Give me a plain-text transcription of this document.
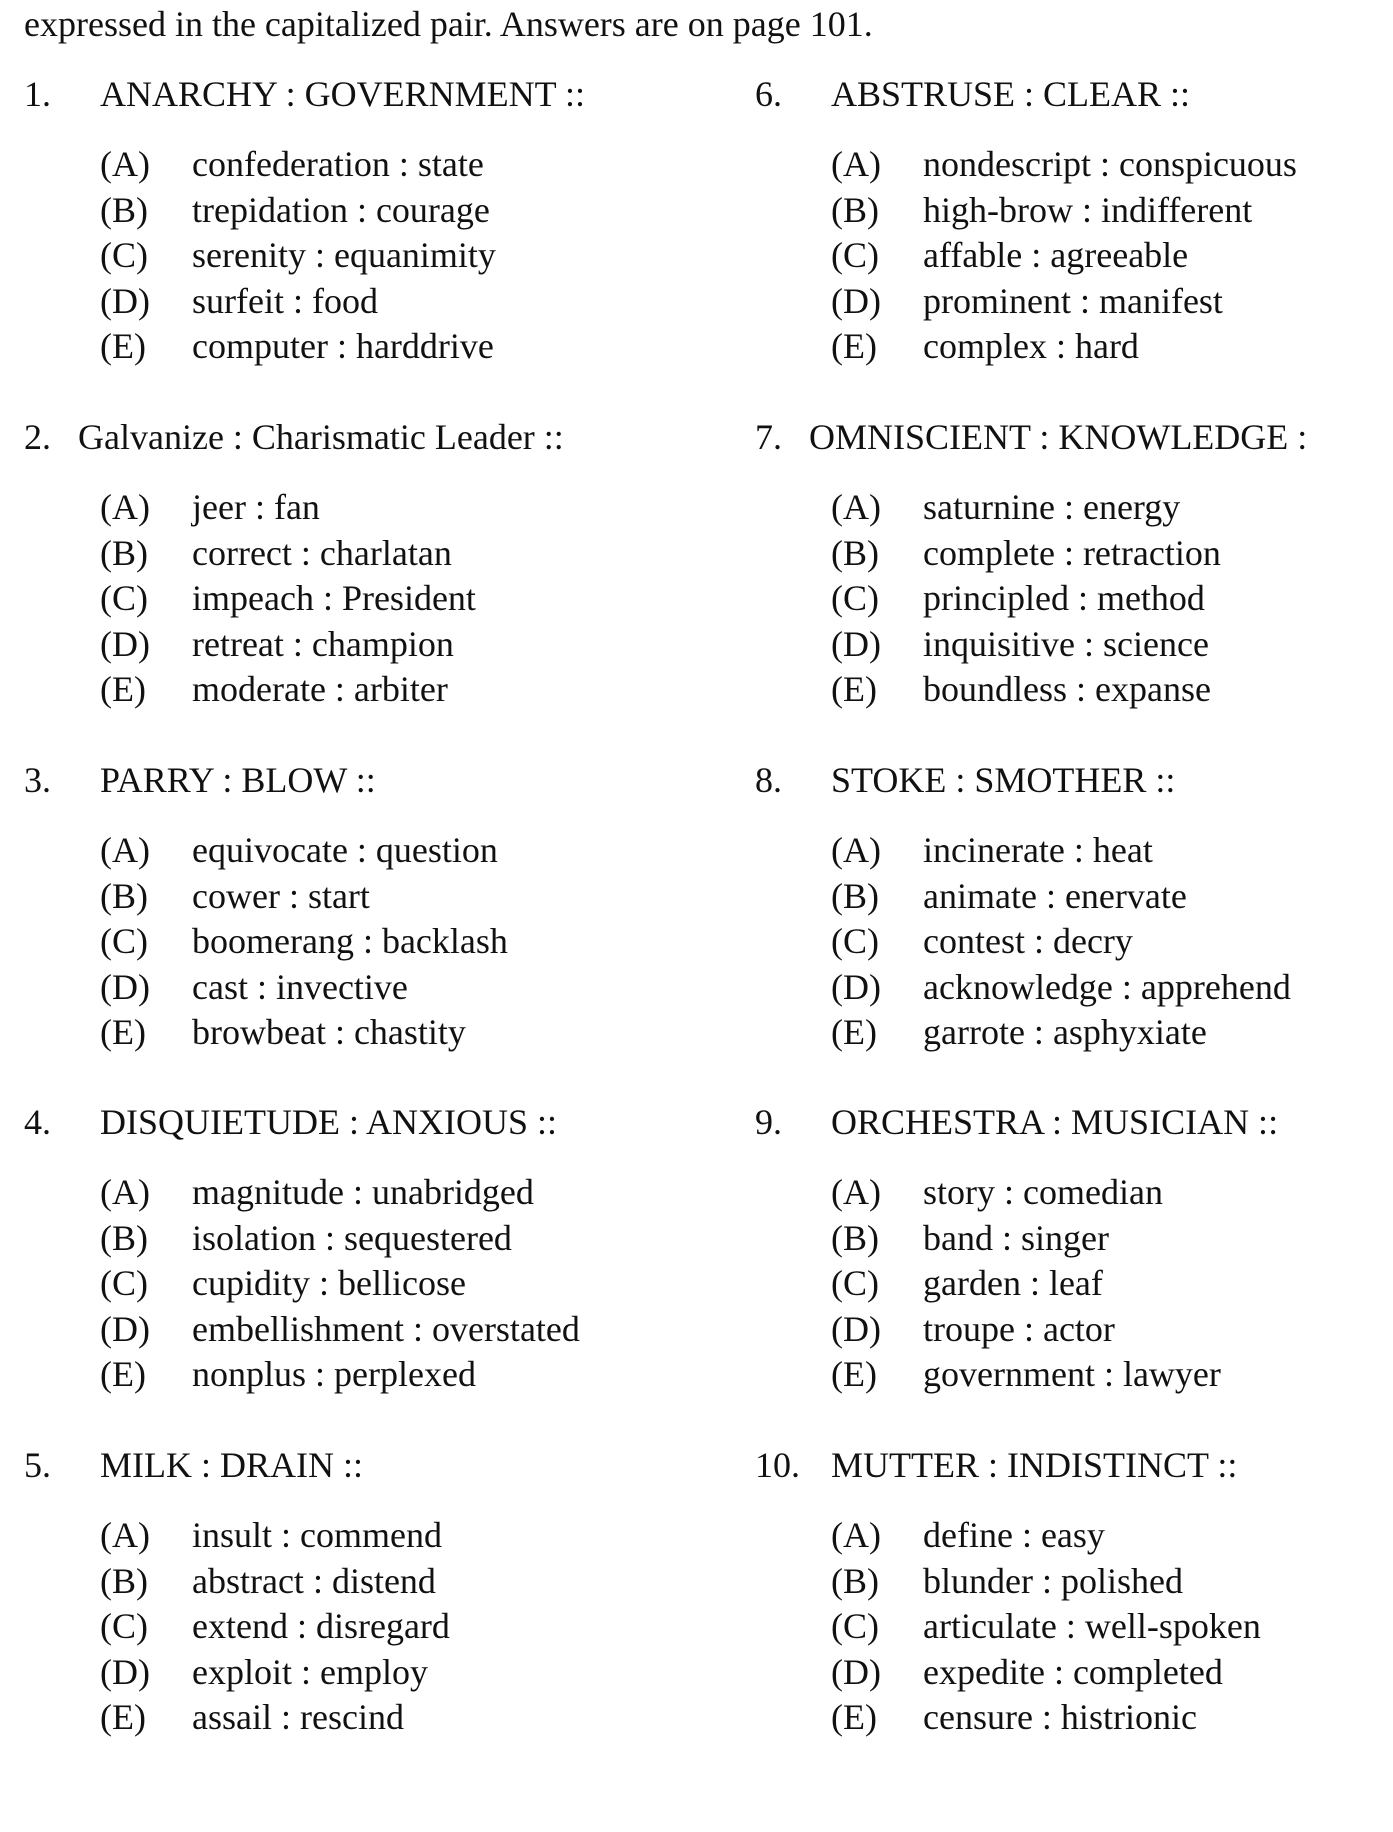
expressed in the capitalized pair. Answers are on page 101.
1. ANARCHY : GOVERNMENT ::
(A) confederation : state
(B) trepidation : courage
(C) serenity : equanimity
(D) surfeit : food
(E) computer : harddrive
2. Galvanize : Charismatic Leader ::
(A) jeer : fan
(B) correct : charlatan
(C) impeach : President
(D) retreat : champion
(E) moderate : arbiter
3. PARRY : BLOW ::
(A) equivocate : question
(B) cower : start
(C) boomerang : backlash
(D) cast : invective
(E) browbeat : chastity
4. DISQUIETUDE : ANXIOUS ::
(A) magnitude : unabridged
(B) isolation : sequestered
(C) cupidity : bellicose
(D) embellishment : overstated
(E) nonplus : perplexed
5. MILK : DRAIN ::
(A) insult : commend
(B) abstract : distend
(C) extend : disregard
(D) exploit : employ
(E) assail : rescind
6. ABSTRUSE : CLEAR ::
(A) nondescript : conspicuous
(B) high-brow : indifferent
(C) affable : agreeable
(D) prominent : manifest
(E) complex : hard
7. OMNISCIENT : KNOWLEDGE :
(A) saturnine : energy
(B) complete : retraction
(C) principled : method
(D) inquisitive : science
(E) boundless : expanse
8. STOKE : SMOTHER ::
(A) incinerate : heat
(B) animate : enervate
(C) contest : decry
(D) acknowledge : apprehend
(E) garrote : asphyxiate
9. ORCHESTRA : MUSICIAN ::
(A) story : comedian
(B) band : singer
(C) garden : leaf
(D) troupe : actor
(E) government : lawyer
10. MUTTER : INDISTINCT ::
(A) define : easy
(B) blunder : polished
(C) articulate : well-spoken
(D) expedite : completed
(E) censure : histrionic
